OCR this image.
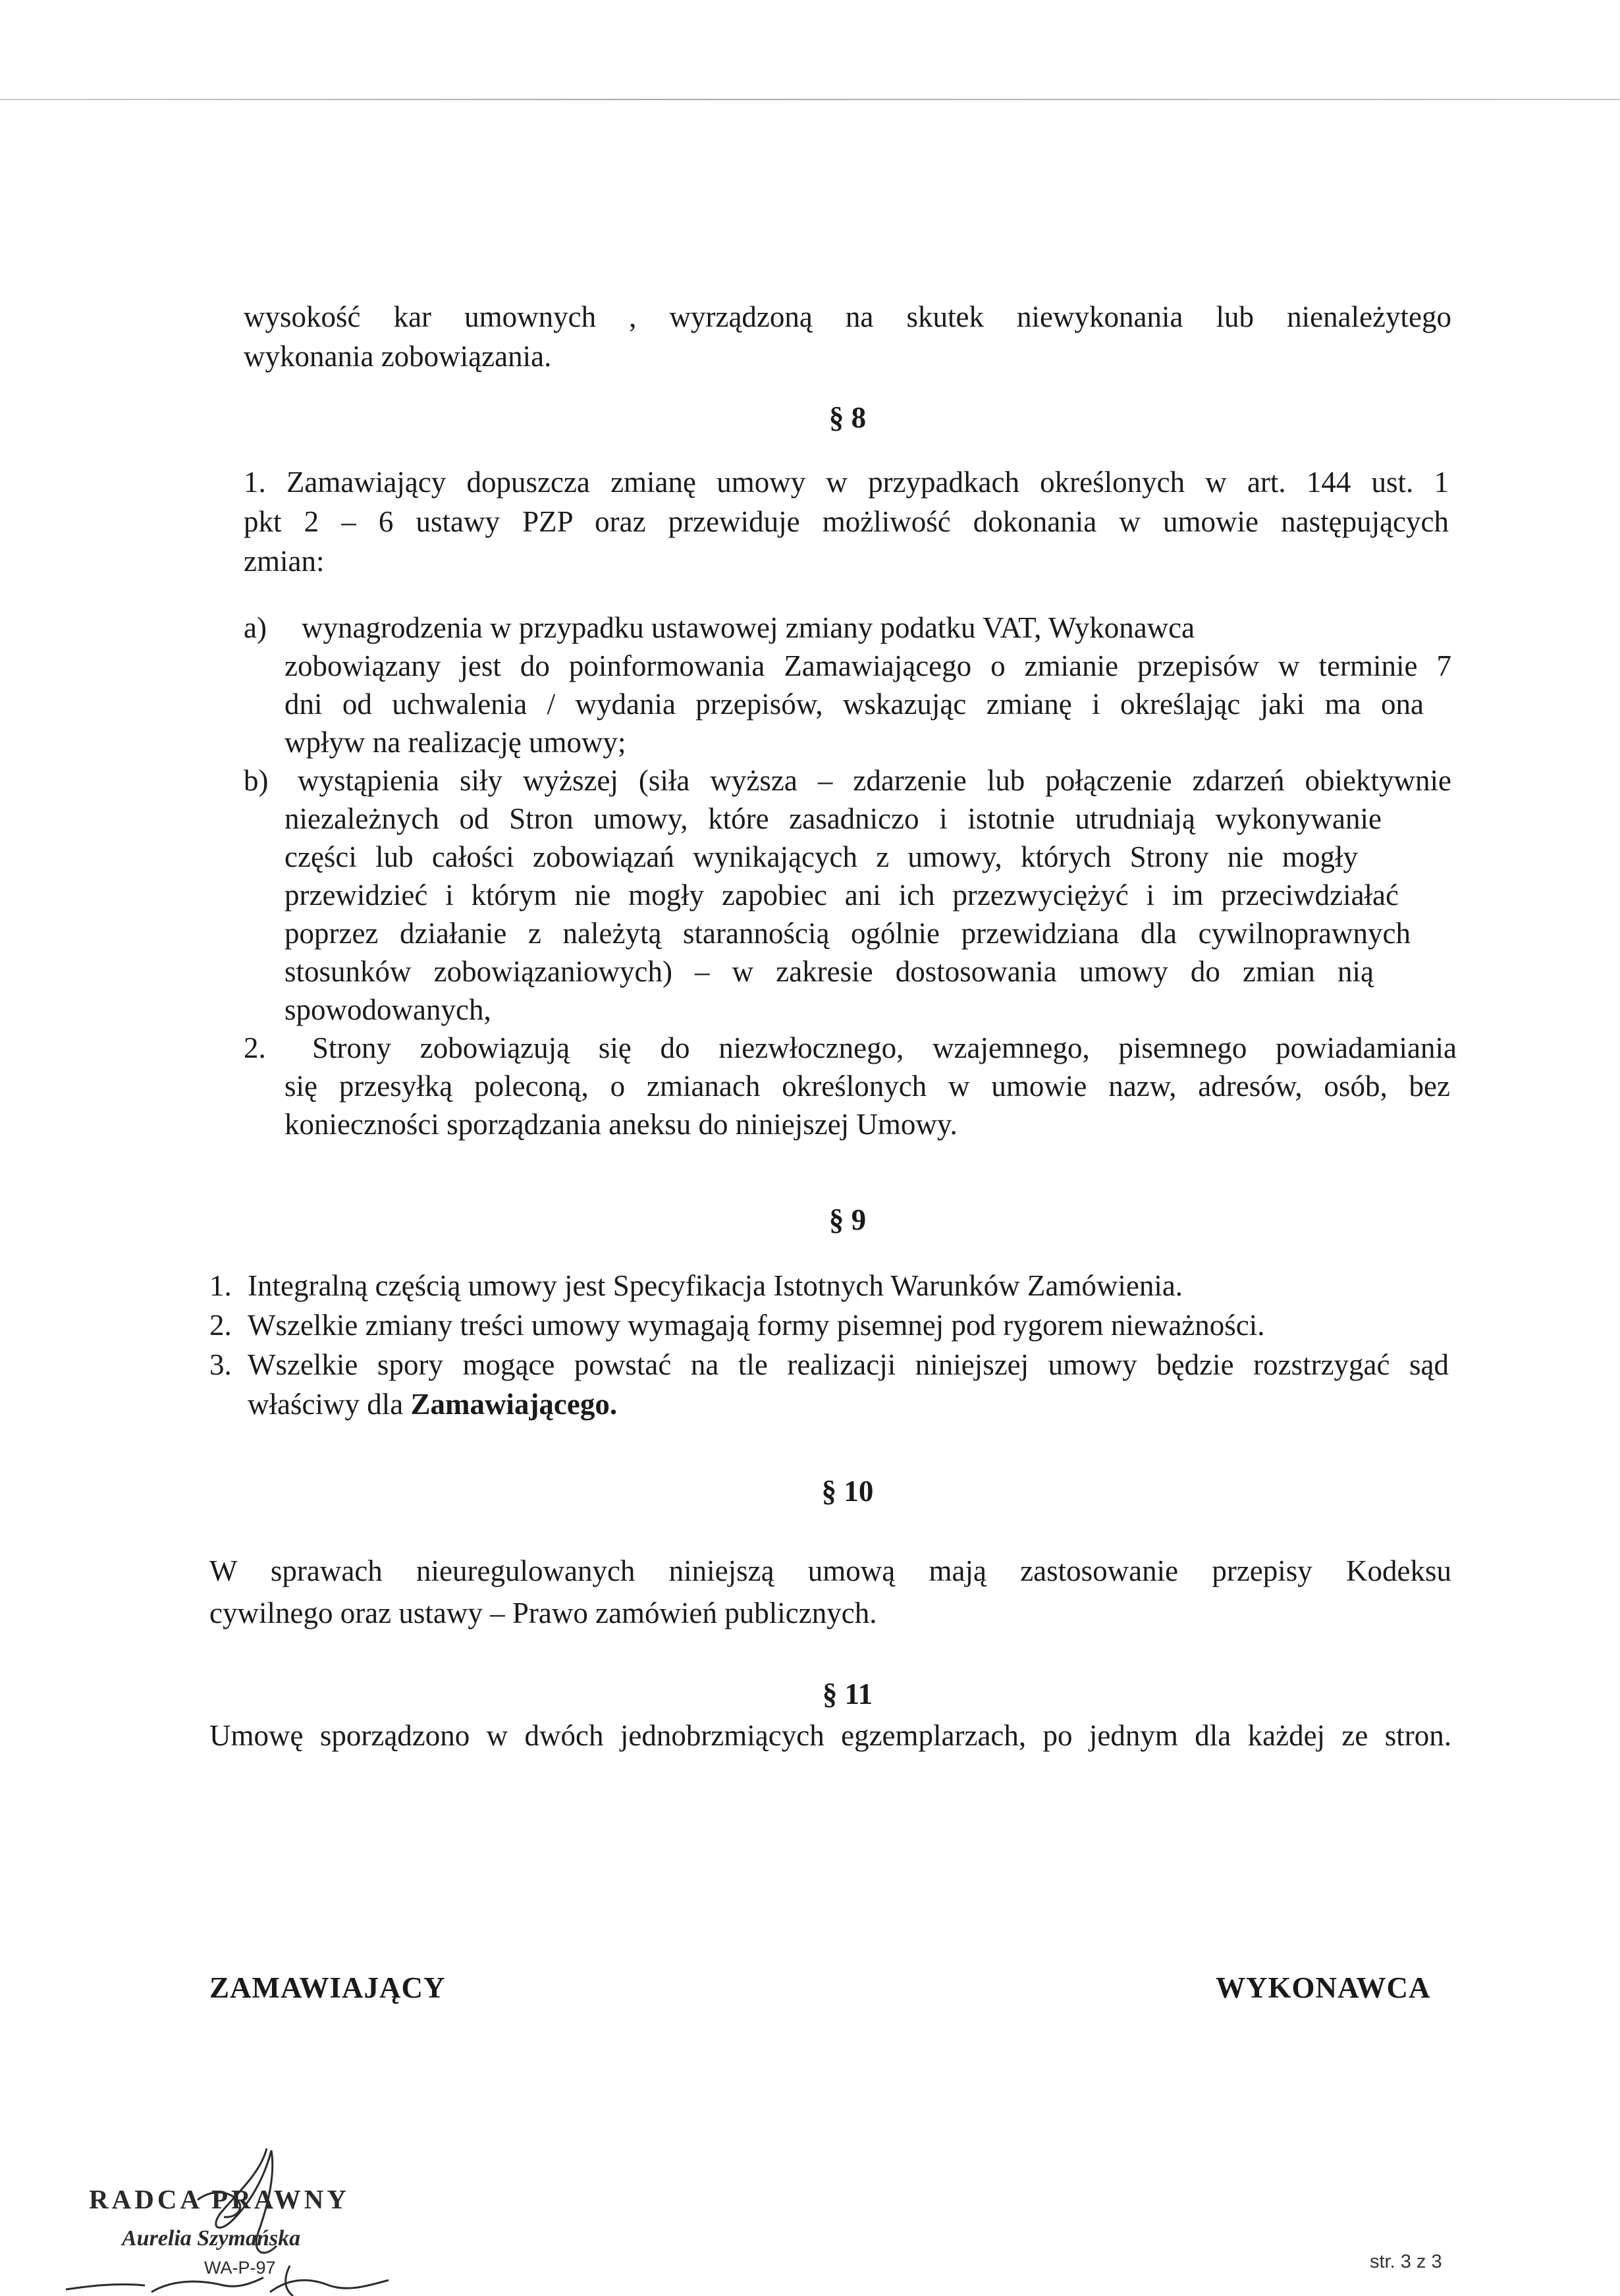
wysokość kar umownych , wyrządzoną na skutek niewykonania lub nienależytego
wykonania zobowiązania.
§ 8
1. Zamawiający dopuszcza zmianę umowy w przypadkach określonych w art. 144 ust. 1
pkt 2 – 6 ustawy PZP oraz przewiduje możliwość dokonania w umowie następujących
zmian:
a) wynagrodzenia w przypadku ustawowej zmiany podatku VAT, Wykonawca
zobowiązany jest do poinformowania Zamawiającego o zmianie przepisów w terminie 7
dni od uchwalenia / wydania przepisów, wskazując zmianę i określając jaki ma ona
wpływ na realizację umowy;
b) wystąpienia siły wyższej (siła wyższa – zdarzenie lub połączenie zdarzeń obiektywnie
niezależnych od Stron umowy, które zasadniczo i istotnie utrudniają wykonywanie
części lub całości zobowiązań wynikających z umowy, których Strony nie mogły
przewidzieć i którym nie mogły zapobiec ani ich przezwyciężyć i im przeciwdziałać
poprzez działanie z należytą starannością ogólnie przewidziana dla cywilnoprawnych
stosunków zobowiązaniowych) – w zakresie dostosowania umowy do zmian nią
spowodowanych,
2. Strony zobowiązują się do niezwłocznego, wzajemnego, pisemnego powiadamiania
się przesyłką poleconą, o zmianach określonych w umowie nazw, adresów, osób, bez
konieczności sporządzania aneksu do niniejszej Umowy.
§ 9
1. Integralną częścią umowy jest Specyfikacja Istotnych Warunków Zamówienia.
2. Wszelkie zmiany treści umowy wymagają formy pisemnej pod rygorem nieważności.
3. Wszelkie spory mogące powstać na tle realizacji niniejszej umowy będzie rozstrzygać sąd
właściwy dla Zamawiającego.
§ 10
W sprawach nieuregulowanych niniejszą umową mają zastosowanie przepisy Kodeksu
cywilnego oraz ustawy – Prawo zamówień publicznych.
§ 11
Umowę sporządzono w dwóch jednobrzmiących egzemplarzach, po jednym dla każdej ze stron.
ZAMAWIAJĄCY	WYKONAWCA
RADCA PRAWNY
Aurelia Szymańska
WA-P-97	str. 3 z 3
